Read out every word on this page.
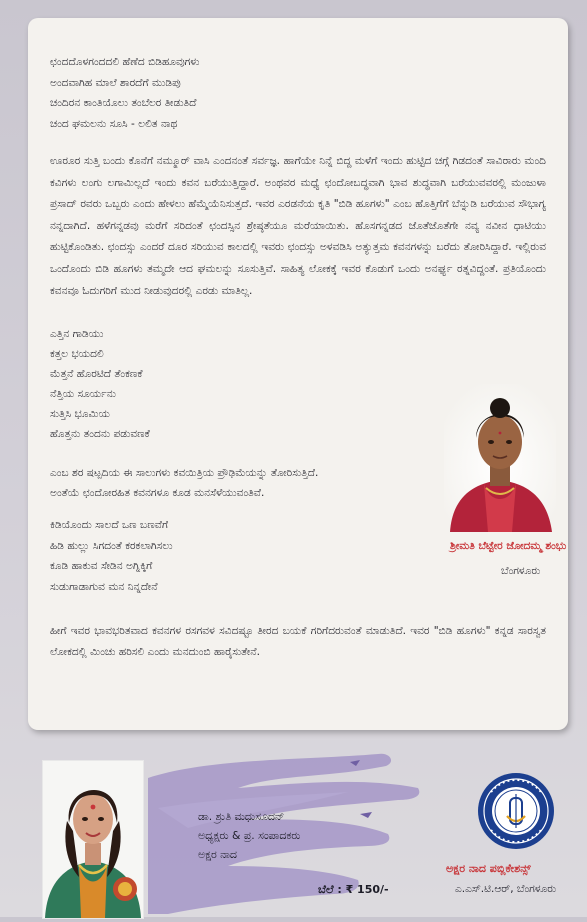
ಛಂದದೊಳಗಂದದಲಿ ಹೆಣೆದ ಬಿಡಿಹೂವುಗಳು
ಅಂದವಾಗಿಹ ಮಾಲೆ ಶಾರದೆಗೆ ಮುಡಿಪು
ಚಂದಿರನ ಕಾಂತಿಯೊಲು ತಂಬೆಲರ ತೀಡುತಿದೆ
ಚಂದ ಘಮಲನು ಸೂಸಿ - ಲಲಿತ ನಾಥ

ಊರೂರ ಸುತ್ತಿ ಬಂದು ಕೊನೆಗೆ ನಮ್ಮೂರ್ ವಾಸಿ ಎಂದನಂತೆ ಸರ್ವಜ್ಞ. ಹಾಗೆಯೇ ನಿನ್ನೆ ಬಿದ್ದ ಮಳೆಗೆ ಇಂದು ಹುಟ್ಟಿದ ಚಗ್ಗೆ ಗಿಡದಂತೆ ಸಾವಿರಾರು ಮಂದಿ ಕವಿಗಳು ಲಂಗು ಲಗಾಮಿಲ್ಲದೆ ಇಂದು ಕವನ ಬರೆಯುತ್ತಿದ್ದಾರೆ. ಅಂಥವರ ಮಧ್ಯೆ ಛಂದೋಬದ್ಧವಾಗಿ ಭಾವ ಶುದ್ಧವಾಗಿ ಬರೆಯುವವರಲ್ಲಿ ಮಂಜುಳಾ ಪ್ರಸಾದ್ ರವರು ಒಬ್ಬರು ಎಂದು ಹೇಳಲು ಹೆಮ್ಮೆಯೆನಿಸುತ್ತದೆ. ಇವರ ಎರಡನೆಯ ಕೃತಿ "ಬಿಡಿ ಹೂಗಳು" ಎಂಬ ಹೊತ್ತಿಗೆಗೆ ಬೆನ್ನುಡಿ ಬರೆಯುವ ಸೌಭಾಗ್ಯ ನನ್ನದಾಗಿದೆ. ಹಳೆಗನ್ನಡವು ಮರೆಗೆ ಸರಿದಂತೆ ಛಂದಸ್ಸಿನ ಶ್ರೇಷ್ಠತೆಯೂ ಮರೆಯಾಯಿತು. ಹೊಸಗನ್ನಡದ ಜೊತೆಜೊತೆಗೇ ನವ್ಯ ನವೀನ ಧಾಟಿಯು ಹುಟ್ಟಿಕೊಂಡಿತು. ಛಂದಸ್ಸು ಎಂದರೆ ದೂರ ಸರಿಯುವ ಕಾಲದಲ್ಲಿ ಇವರು ಛಂದಸ್ಸು ಅಳವಡಿಸಿ ಅತ್ಯುತ್ತಮ ಕವನಗಳನ್ನು ಬರೆದು ತೋರಿಸಿದ್ದಾರೆ. ಇಲ್ಲಿರುವ ಒಂದೊಂದು ಬಿಡಿ ಹೂಗಳು ತಮ್ಮದೇ ಆದ ಘಮಲನ್ನು ಸೂಸುತ್ತಿವೆ. ಸಾಹಿತ್ಯ ಲೋಕಕ್ಕೆ ಇವರ ಕೊಡುಗೆ ಒಂದು ಅನರ್ಘ್ಯ ರತ್ನವಿದ್ದಂತೆ. ಪ್ರತಿಯೊಂದು ಕವನವೂ ಓದುಗರಿಗೆ ಮುದ ನೀಡುವುದರಲ್ಲಿ ಎರಡು ಮಾತಿಲ್ಲ.

ಎತ್ತಿನ ಗಾಡಿಯು
ಕತ್ತಲ ಭಯದಲಿ
ಮೆತ್ತನೆ ಹೊರಟಿದೆ ತೆಂಕಣಕೆ
ನೆತ್ತಿಯ ಸೂರ್ಯನು
ಸುತ್ತಿಸಿ ಭೂಮಿಯ
ಹೊತ್ತನು ತಂದನು ಪಡುವಣಕೆ

ಎಂಬ ಶರ ಷಟ್ಪದಿಯ ಈ ಸಾಲುಗಳು ಕವಯಿತ್ರಿಯ ಪ್ರೌಢಿಮೆಯನ್ನು ತೋರಿಸುತ್ತಿದೆ.
ಅಂತೆಯೆ ಛಂದೋರಹಿತ ಕವನಗಳೂ ಕೂಡ ಮನಸೆಳೆಯುವಂತಿವೆ.

ಕಿಡಿಯೊಂದು ಸಾಲದೆ ಒಣ ಬಣವೆಗೆ
ಹಿಡಿ ಹುಲ್ಲು ಸಿಗದಂತೆ ಕರಕಲಾಗಿಸಲು
ಕೂಡಿ ಹಾಕುವ ಸೇಡಿನ ಅಗ್ನಿಕ್ಕಿಗೆ
ಸುಡುಗಾಡಾಗುವ ಮನ ನಿನ್ನದೇನೆ

ಹೀಗೆ ಇವರ ಭಾವಭರಿತವಾದ ಕವನಗಳ ರಸಗವಳ ಸವಿದಷ್ಟೂ ತೀರದ ಬಯಕೆ ಗರಿಗೆದರುವಂತೆ ಮಾಡುತಿದೆ. ಇವರ "ಬಿಡಿ ಹೂಗಳು" ಕನ್ನಡ ಸಾರಸ್ವತ ಲೋಕದಲ್ಲಿ ಮಿಂಚು ಹರಿಸಲಿ ಎಂದು ಮನದುಂಬಿ ಹಾರೈಸುತೇನೆ.

ಶ್ರೀಮತಿ ಬೆಟ್ಟೇರ ಜೋದಮ್ಮ ಶಂಭು
ಬೆಂಗಳೂರು
ಡಾ. ಶ್ರುತಿ ಮಧುಸೂದನ್
ಅಧ್ಯಕ್ಷರು & ಪ್ರ. ಸಂಪಾದಕರು
ಅಕ್ಷರ ನಾದ
ಬೆಲೆ : ₹ 150/-
ಅಕ್ಷರ ನಾದ ಪಬ್ಲಿಕೇಶನ್ಸ್
ಎ.ಎಸ್.ಟಿ.ಆರ್, ಬೆಂಗಳೂರು
